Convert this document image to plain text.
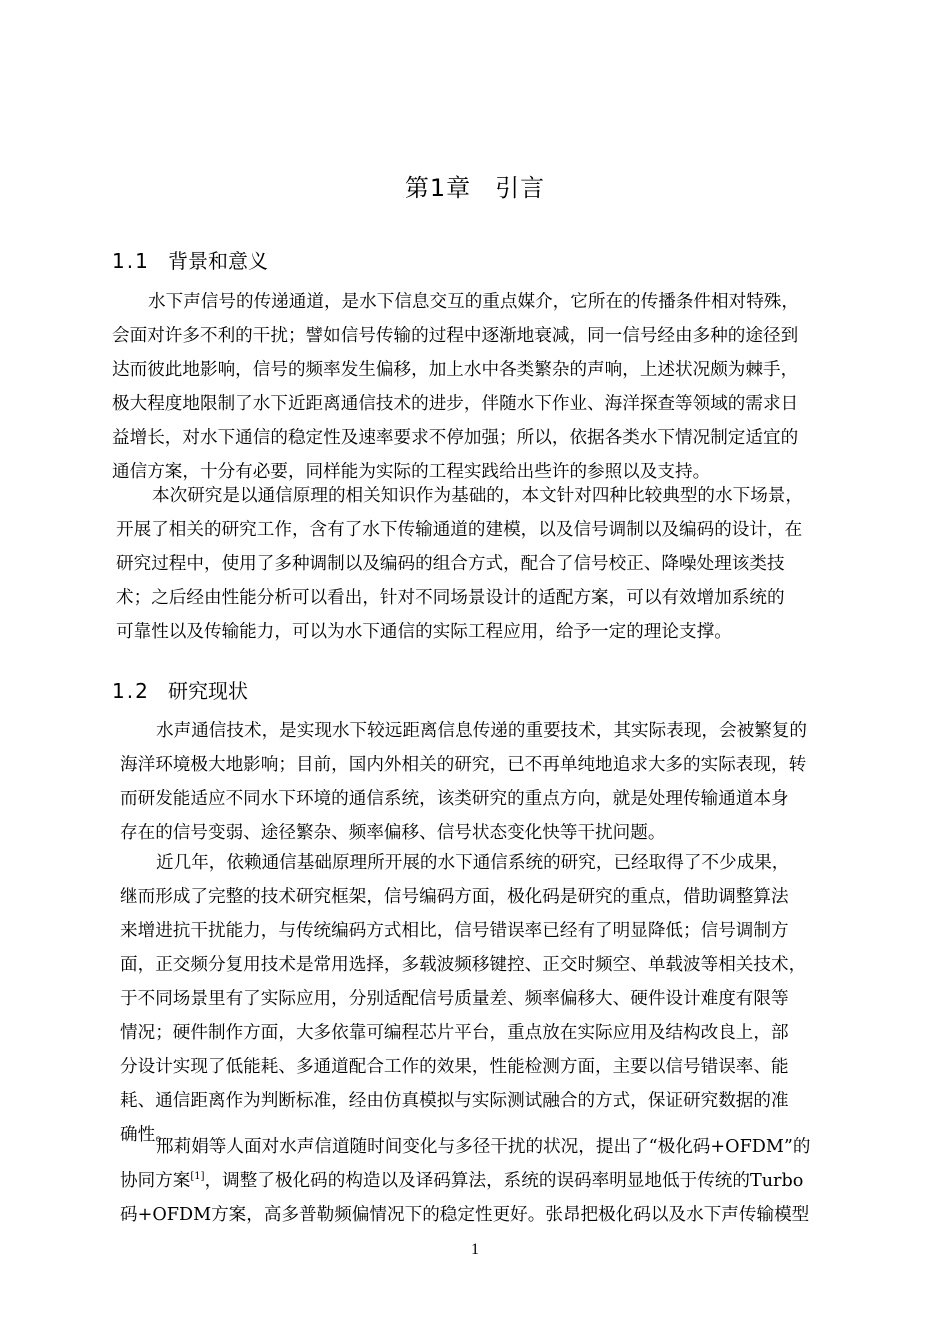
第1章 引言
1.1 背景和意义
水下声信号的传递通道，是水下信息交互的重点媒介，它所在的传播条件相对特殊，
会面对许多不利的干扰；譬如信号传输的过程中逐渐地衰减，同一信号经由多种的途径到
达而彼此地影响，信号的频率发生偏移，加上水中各类繁杂的声响，上述状况颇为棘手，
极大程度地限制了水下近距离通信技术的进步，伴随水下作业、海洋探查等领域的需求日
益增长，对水下通信的稳定性及速率要求不停加强；所以，依据各类水下情况制定适宜的
通信方案，十分有必要，同样能为实际的工程实践给出些许的参照以及支持。
本次研究是以通信原理的相关知识作为基础的，本文针对四种比较典型的水下场景，
开展了相关的研究工作，含有了水下传输通道的建模，以及信号调制以及编码的设计，在
研究过程中，使用了多种调制以及编码的组合方式，配合了信号校正、降噪处理该类技
术；之后经由性能分析可以看出，针对不同场景设计的适配方案，可以有效增加系统的
可靠性以及传输能力，可以为水下通信的实际工程应用，给予一定的理论支撑。
1.2 研究现状
水声通信技术，是实现水下较远距离信息传递的重要技术，其实际表现，会被繁复的
海洋环境极大地影响；目前，国内外相关的研究，已不再单纯地追求大多的实际表现，转
而研发能适应不同水下环境的通信系统，该类研究的重点方向，就是处理传输通道本身
存在的信号变弱、途径繁杂、频率偏移、信号状态变化快等干扰问题。
近几年，依赖通信基础原理所开展的水下通信系统的研究，已经取得了不少成果，
继而形成了完整的技术研究框架，信号编码方面，极化码是研究的重点，借助调整算法
来增进抗干扰能力，与传统编码方式相比，信号错误率已经有了明显降低；信号调制方
面，正交频分复用技术是常用选择，多载波频移键控、正交时频空、单载波等相关技术，
于不同场景里有了实际应用，分别适配信号质量差、频率偏移大、硬件设计难度有限等
情况；硬件制作方面，大多依靠可编程芯片平台，重点放在实际应用及结构改良上，部
分设计实现了低能耗、多通道配合工作的效果，性能检测方面，主要以信号错误率、能
耗、通信距离作为判断标准，经由仿真模拟与实际测试融合的方式，保证研究数据的准
确性。
邢莉娟等人面对水声信道随时间变化与多径干扰的状况，提出了“极化码+OFDM”的
协同方案[1]，调整了极化码的构造以及译码算法，系统的误码率明显地低于传统的Turbo
码+OFDM方案，高多普勒频偏情况下的稳定性更好。张昂把极化码以及水下声传输模型
1
